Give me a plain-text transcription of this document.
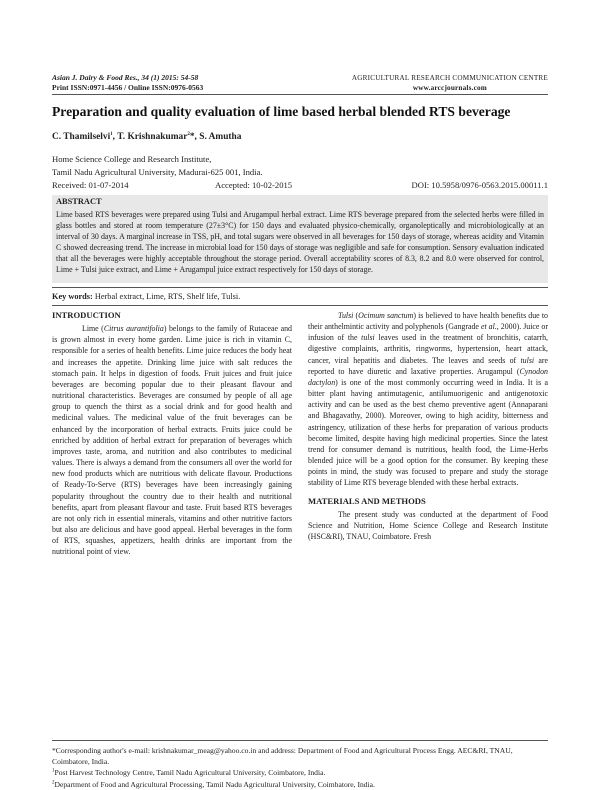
Asian J. Dairy & Food Res., 34 (1) 2015: 54-58
Print ISSN:0971-4456 / Online ISSN:0976-0563
AGRICULTURAL RESEARCH COMMUNICATION CENTRE
www.arccjournals.com
Preparation and quality evaluation of lime based herbal blended RTS beverage
C. Thamilselvi$^1$, T. Krishnakumar$^2$*, S. Amutha
Home Science College and Research Institute,
Tamil Nadu Agricultural University, Madurai-625 001, India.
Received: 01-07-2014	Accepted: 10-02-2015	DOI: 10.5958/0976-0563.2015.00011.1
ABSTRACT
Lime based RTS beverages were prepared using Tulsi and Arugampul herbal extract. Lime RTS beverage prepared from the selected herbs were filled in glass bottles and stored at room temperature (27±3°C) for 150 days and evaluated physico-chemically, organoleptically and microbiologically at an interval of 30 days. A marginal increase in TSS, pH, and total sugars were observed in all beverages for 150 days of storage, whereas acidity and Vitamin C showed decreasing trend. The increase in microbial load for 150 days of storage was negligible and safe for consumption. Sensory evaluation indicated that all the beverages were highly acceptable throughout the storage period. Overall acceptability scores of 8.3, 8.2 and 8.0 were observed for control, Lime + Tulsi juice extract, and Lime + Arugampul juice extract respectively for 150 days of storage.
Key words: Herbal extract, Lime, RTS, Shelf life, Tulsi.
INTRODUCTION

Lime (Citrus aurantifolia) belongs to the family of Rutaceae and is grown almost in every home garden. Lime juice is rich in vitamin C, responsible for a series of health benefits. Lime juice reduces the body heat and increases the appetite. Drinking lime juice with salt reduces the stomach pain. It helps in digestion of foods. Fruit juices and fruit juice beverages are becoming popular due to their pleasant flavour and nutritional characteristics. Beverages are consumed by people of all age group to quench the thirst as a social drink and for good health and medicinal values. The medicinal value of the fruit beverages can be enhanced by the incorporation of herbal extracts. Fruits juice could be enriched by addition of herbal extract for preparation of beverages which improves taste, aroma, and nutrition and also contributes to medicinal values. There is always a demand from the consumers all over the world for new food products which are nutritious with delicate flavour. Productions of Ready-To-Serve (RTS) beverages have been increasingly gaining popularity throughout the country due to their health and nutritional benefits, apart from pleasant flavour and taste. Fruit based RTS beverages are not only rich in essential minerals, vitamins and other nutritive factors but also are delicious and have good appeal. Herbal beverages in the form of RTS, squashes, appetizers, health drinks are important from the nutritional point of view.

Tulsi (Ocimum sanctum) is believed to have health benefits due to their anthelmintic activity and polyphenols (Gangrade et al., 2000). Juice or infusion of the tulsi leaves used in the treatment of bronchitis, catarrh, digestive complaints, arthritis, ringworms, hypertension, heart attack, cancer, viral hepatitis and diabetes. The leaves and seeds of tulsi are reported to have diuretic and laxative properties. Arugampul (Cynodon dactylon) is one of the most commonly occurring weed in India. It is a bitter plant having antimutagenic, antilumuorigenic and antigenotoxic activity and can be used as the best chemo preventive agent (Annaparani and Bhagavathy, 2000). Moreover, owing to high acidity, bitterness and astringency, utilization of these herbs for preparation of various products become limited, despite having high medicinal properties. Since the latest trend for consumer demand is nutritious, health food, the Lime-Herbs blended juice will be a good option for the consumer. By keeping these points in mind, the study was focused to prepare and study the storage stability of Lime RTS beverage blended with these herbal extracts.

MATERIALS AND METHODS

The present study was conducted at the department of Food Science and Nutrition, Home Science College and Research Institute (HSC&RI), TNAU, Coimbatore. Fresh

*Corresponding author's e-mail: krishnakumar_meag@yahoo.co.in and address: Department of Food and Agricultural Process Engg. AEC&RI, TNAU, Coimbatore, India.
$^1$Post Harvest Technology Centre, Tamil Nadu Agricultural University, Coimbatore, India.
$^2$Department of Food and Agricultural Processing, Tamil Nadu Agricultural University, Coimbatore, India.
